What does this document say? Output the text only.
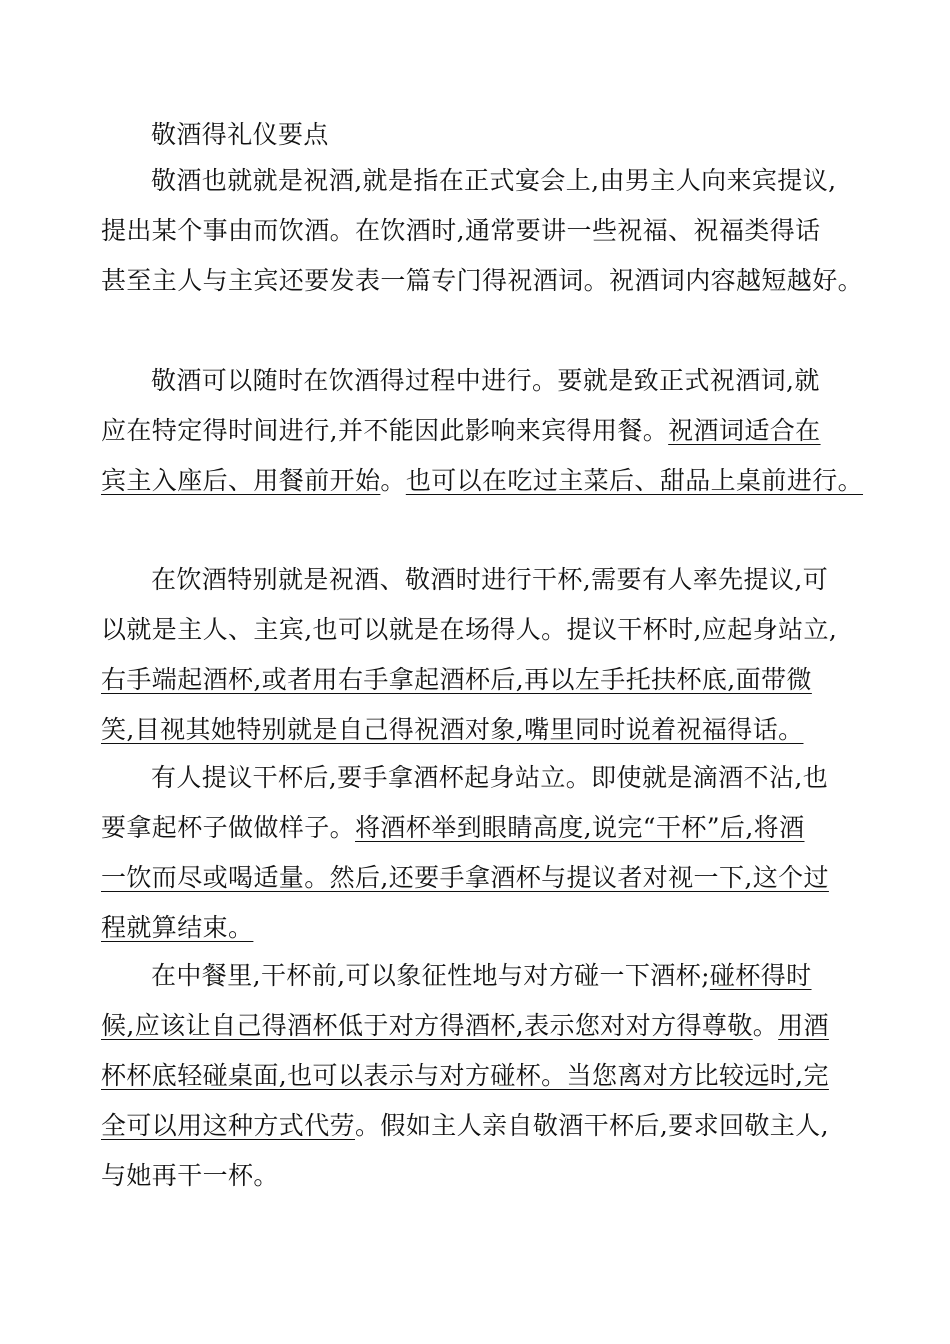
敬酒得礼仪要点
敬酒也就就是祝酒,就是指在正式宴会上,由男主人向来宾提议,
提出某个事由而饮酒。在饮酒时,通常要讲一些祝福、祝福类得话
甚至主人与主宾还要发表一篇专门得祝酒词。祝酒词内容越短越好。
敬酒可以随时在饮酒得过程中进行。要就是致正式祝酒词,就
应在特定得时间进行,并不能因此影响来宾得用餐。祝酒词适合在
宾主入座后、用餐前开始。也可以在吃过主菜后、甜品上桌前进行。
在饮酒特别就是祝酒、敬酒时进行干杯,需要有人率先提议,可
以就是主人、主宾,也可以就是在场得人。提议干杯时,应起身站立,
右手端起酒杯,或者用右手拿起酒杯后,再以左手托扶杯底,面带微
笑,目视其她特别就是自己得祝酒对象,嘴里同时说着祝福得话。
有人提议干杯后,要手拿酒杯起身站立。即使就是滴酒不沾,也
要拿起杯子做做样子。将酒杯举到眼睛高度,说完“干杯”后,将酒
一饮而尽或喝适量。然后,还要手拿酒杯与提议者对视一下,这个过
程就算结束。
在中餐里,干杯前,可以象征性地与对方碰一下酒杯;碰杯得时
候,应该让自己得酒杯低于对方得酒杯,表示您对对方得尊敬。用酒
杯杯底轻碰桌面,也可以表示与对方碰杯。当您离对方比较远时,完
全可以用这种方式代劳。假如主人亲自敬酒干杯后,要求回敬主人,
与她再干一杯。
